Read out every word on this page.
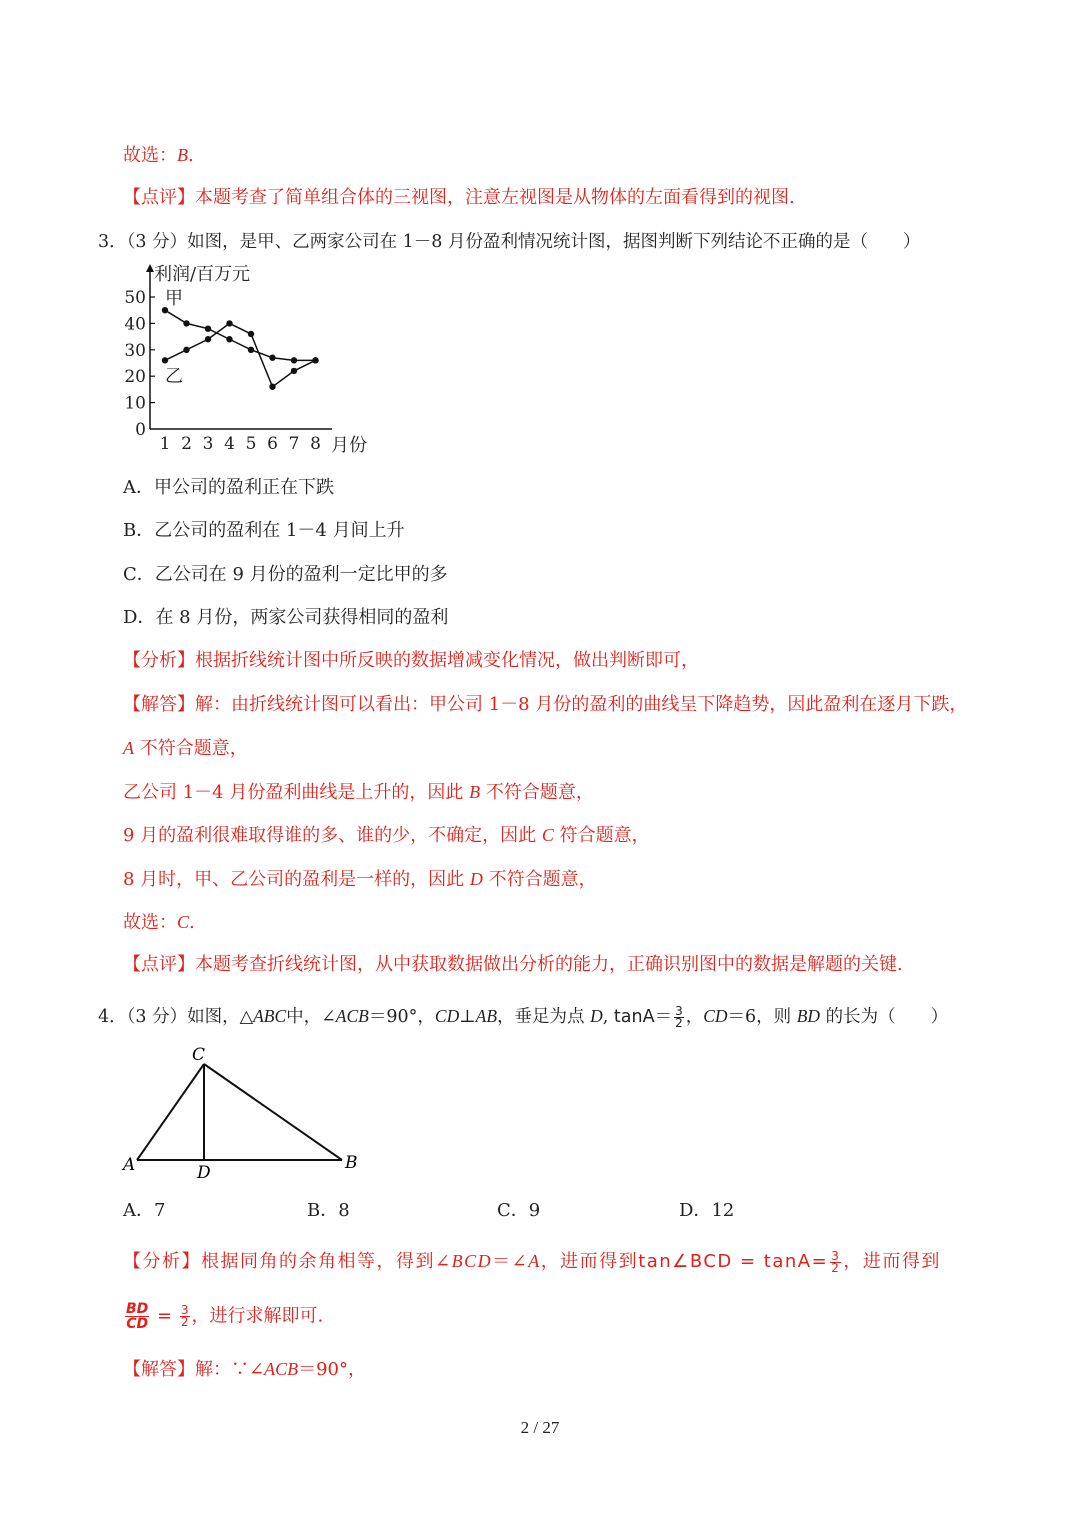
故选：B.
【点评】本题考查了简单组合体的三视图，注意左视图是从物体的左面看得到的视图.
3．（3 分）如图，是甲、乙两家公司在 1－8 月份盈利情况统计图，据图判断下列结论不正确的是（　　）
0
10
20
30
40
50
1 2 3 4 5 6 7 8
利润/百万元
月份
甲
乙
A．甲公司的盈利正在下跌
B．乙公司的盈利在 1－4 月间上升
C．乙公司在 9 月份的盈利一定比甲的多
D．在 8 月份，两家公司获得相同的盈利
【分析】根据折线统计图中所反映的数据增减变化情况，做出判断即可，
【解答】解：由折线统计图可以看出：甲公司 1－8 月份的盈利的曲线呈下降趋势，因此盈利在逐月下跌，
A 不符合题意，
乙公司 1－4 月份盈利曲线是上升的，因此 B 不符合题意，
9 月的盈利很难取得谁的多、谁的少，不确定，因此 C 符合题意，
8 月时，甲、乙公司的盈利是一样的，因此 D 不符合题意，
故选：C.
【点评】本题考查折线统计图，从中获取数据做出分析的能力，正确识别图中的数据是解题的关键.
4．（3 分）如图，△ABC中，∠ACB＝90°，CD⊥AB，垂足为点 D, $\tan A= \frac{3}{2}$ ，CD＝6，则 BD 的长为（　　）
C
A	D	B
A．7	B．8	C．9	D．12
【分析】根据同角的余角相等，得到∠BCD＝∠A，进而得到tan∠BCD = $\tan A= \frac{3}{2}$ ，进而得到
$\frac{BD}{CD} = \frac{3}{2}$ ，进行求解即可.
【解答】解：∵∠ACB＝90°，
2 / 27
